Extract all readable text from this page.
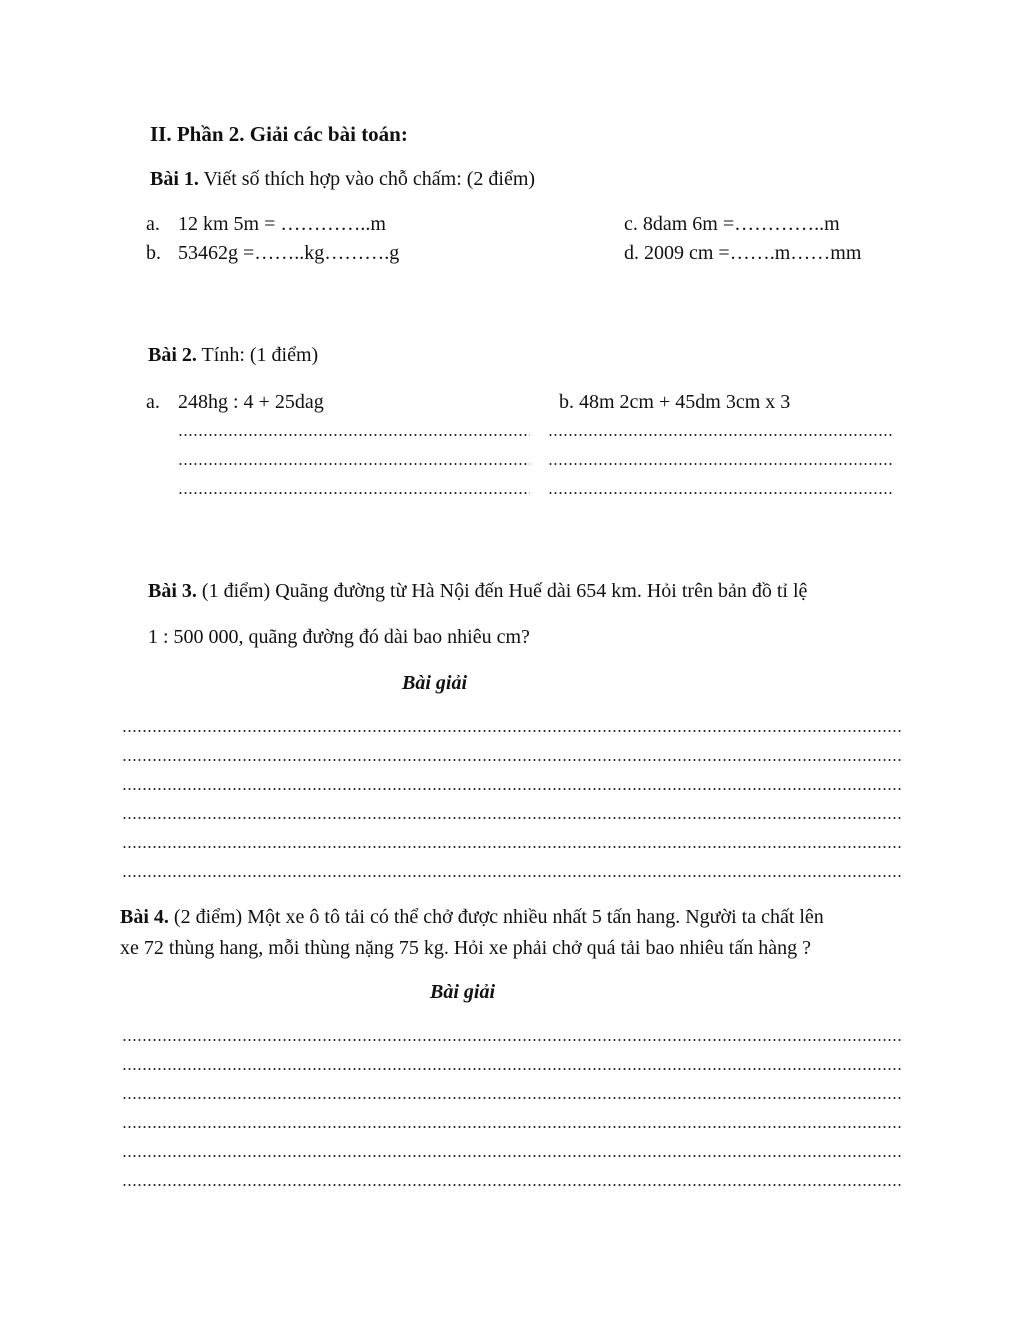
II. Phần 2. Giải các bài toán:
Bài 1. Viết số thích hợp vào chỗ chấm: (2 điểm)
a. 12 km 5m = …………..m
b. 53462g =……..kg……….g
c. 8dam 6m =…………..m
d. 2009 cm =…….m……mm
Bài 2. Tính: (1 điểm)
a. 248hg : 4 + 25dag	b. 48m 2cm + 45dm 3cm x 3
Bài 3. (1 điểm) Quãng đường từ Hà Nội đến Huế dài 654 km. Hỏi trên bản đồ tỉ lệ
1 : 500 000, quãng đường đó dài bao nhiêu cm?
Bài giải
Bài 4. (2 điểm) Một xe ô tô tải có thể chở được nhiều nhất 5 tấn hang. Người ta chất lên
xe 72 thùng hang, mỗi thùng nặng 75 kg. Hỏi xe phải chở quá tải bao nhiêu tấn hàng ?
Bài giải
